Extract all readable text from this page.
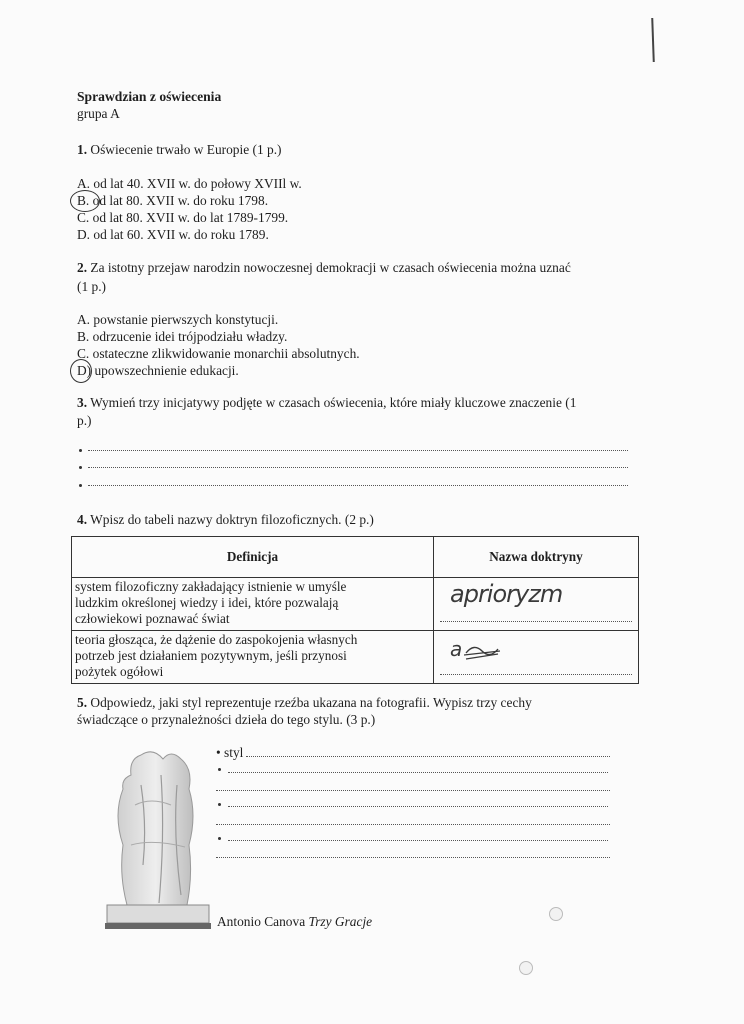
Sprawdzian z oświecenia
grupa A
1. Oświecenie trwało w Europie (1 p.)
A. od lat 40. XVII w. do połowy XVIIl w.
B. od lat 80. XVII w. do roku 1798.
C. od lat 80. XVII w. do lat 1789-1799.
D. od lat 60. XVII w. do roku 1789.
2. Za istotny przejaw narodzin nowoczesnej demokracji w czasach oświecenia można uznać
(1 p.)
A. powstanie pierwszych konstytucji.
B. odrzucenie idei trójpodziału władzy.
C. ostateczne zlikwidowanie monarchii absolutnych.
D) upowszechnienie edukacji.
3. Wymień trzy inicjatywy podjęte w czasach oświecenia, które miały kluczowe znaczenie (1
p.)
4. Wpisz do tabeli nazwy doktryn filozoficznych. (2 p.)
Definicja	Nazwa doktryny

system filozoficzny zakładający istnienie w umyśle
ludzkim określonej wiedzy i idei, które pozwalają
człowiekowi poznawać świat	aprioryzm

teoria głosząca, że dążenie do zaspokojenia własnych
potrzeb jest działaniem pozytywnym, jeśli przynosi
pożytek ogółowi	a
5. Odpowiedz, jaki styl reprezentuje rzeźba ukazana na fotografii. Wypisz trzy cechy
świadczące o przynależności dzieła do tego stylu. (3 p.)
• styl
Antonio Canova Trzy Gracje
